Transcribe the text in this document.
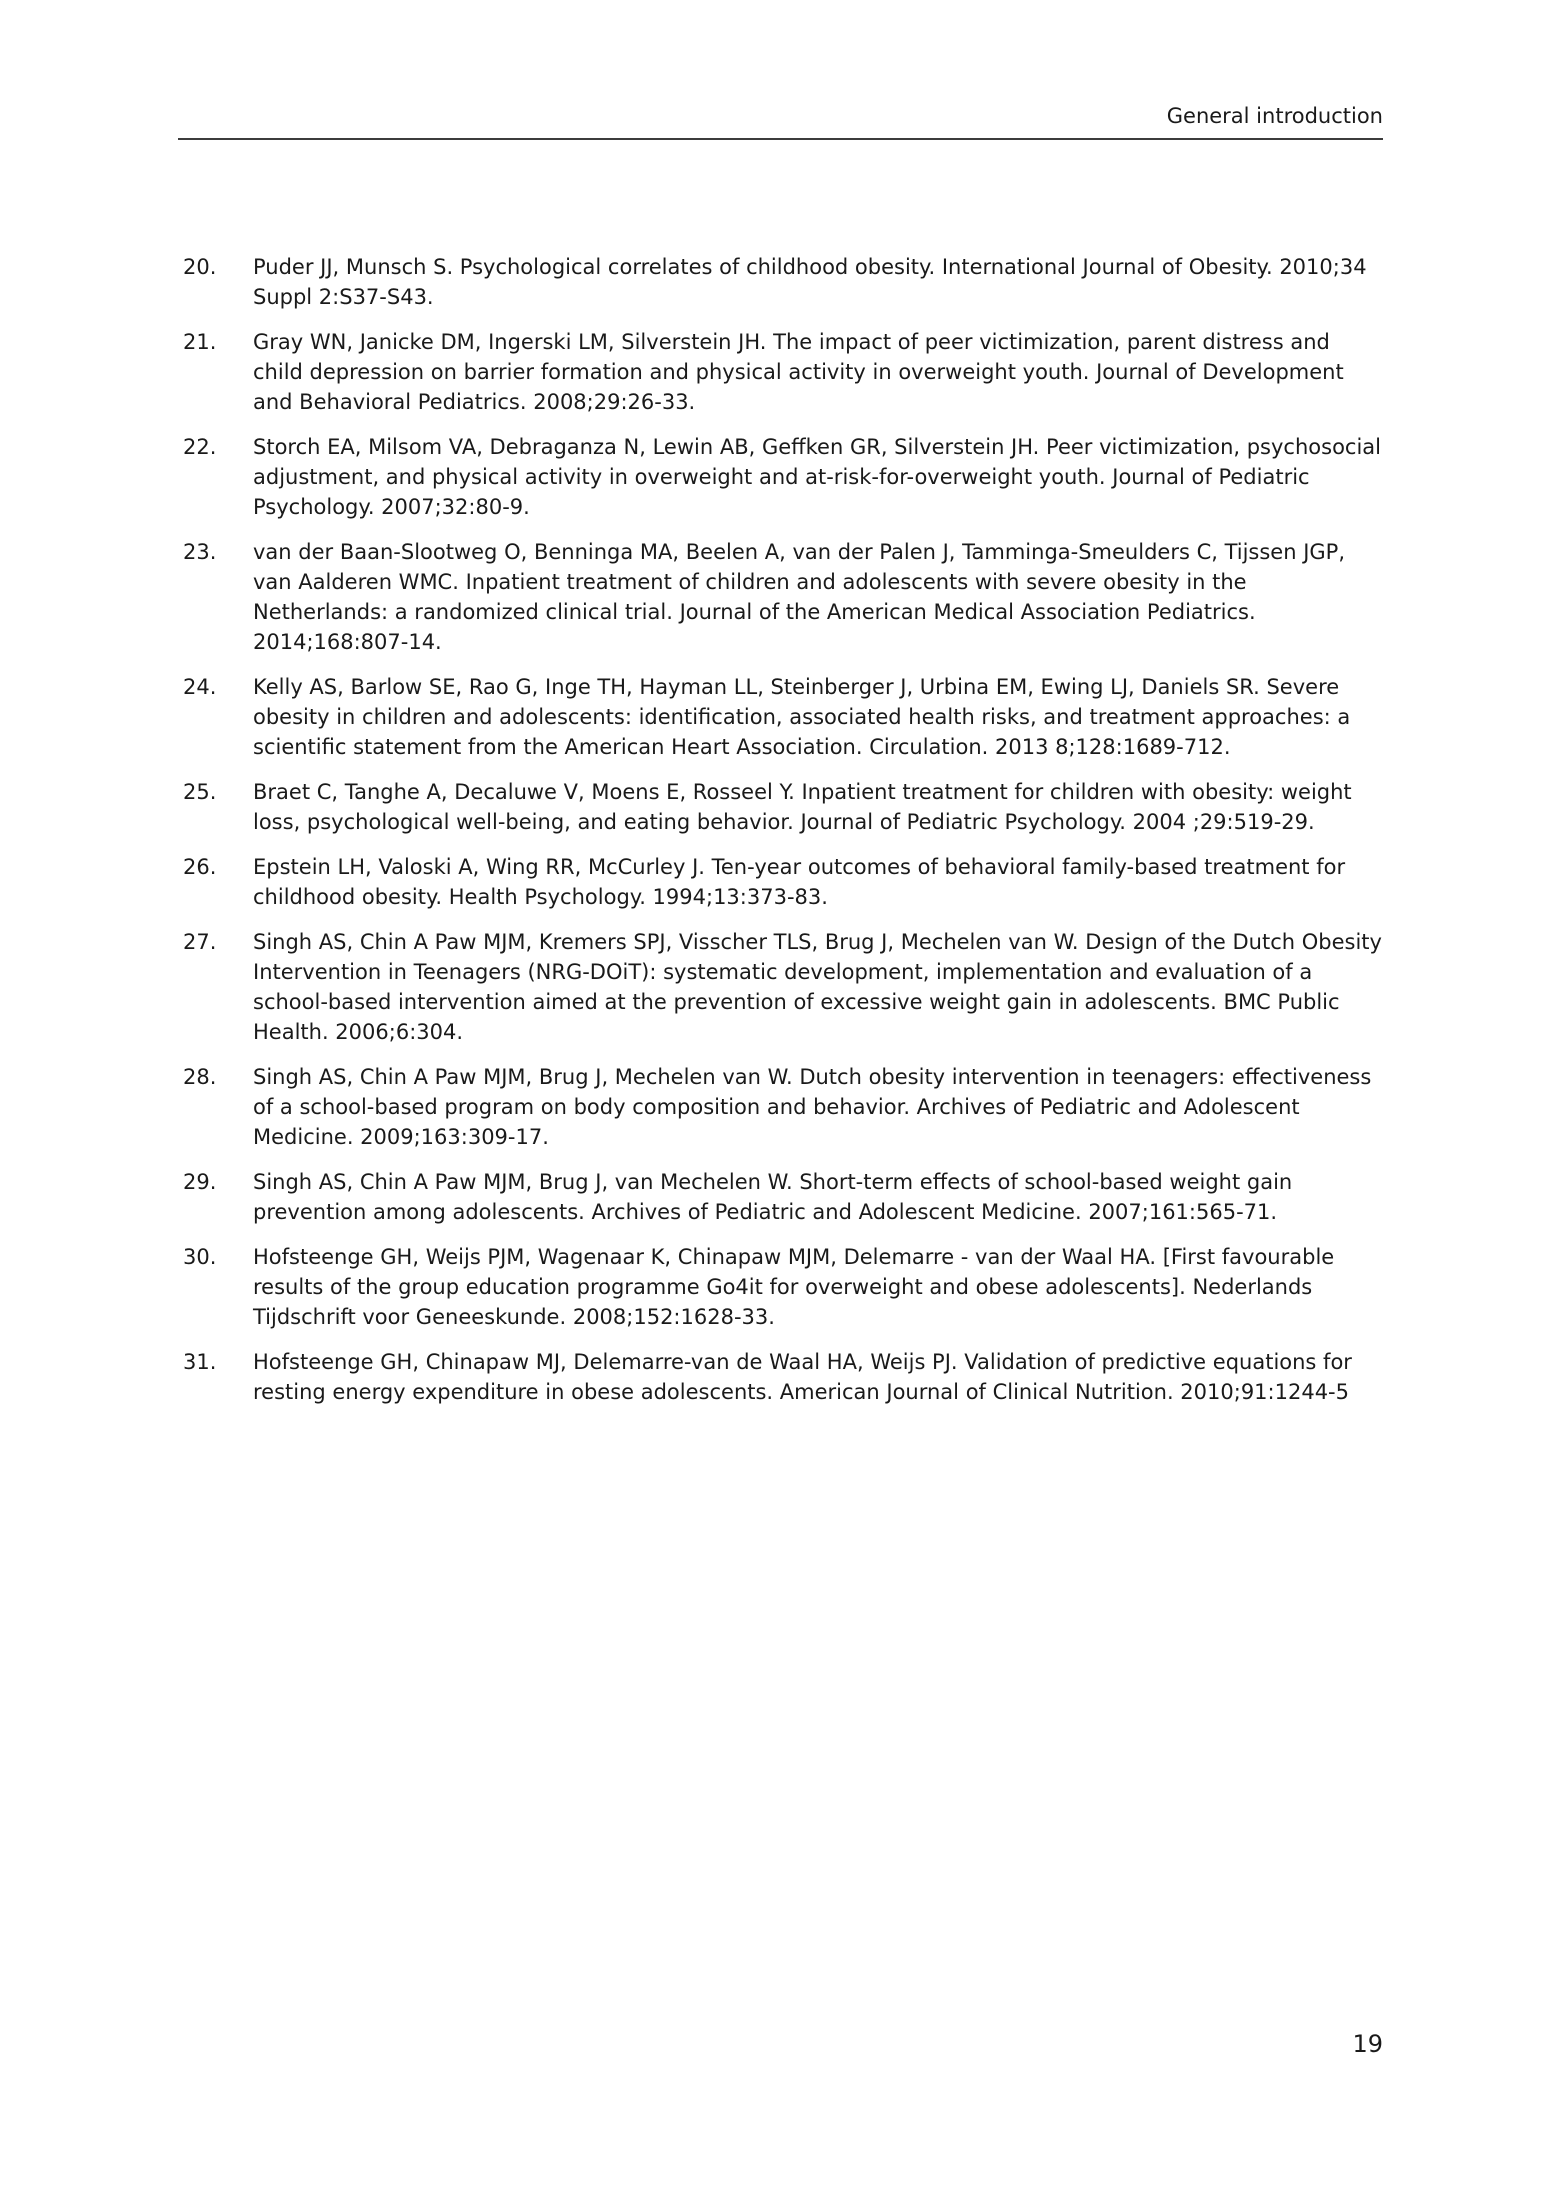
General introduction
20.	Puder JJ, Munsch S. Psychological correlates of childhood obesity. International Journal of Obesity. 2010;34 Suppl 2:S37-S43.
21.	Gray WN, Janicke DM, Ingerski LM, Silverstein JH. The impact of peer victimization, parent distress and child depression on barrier formation and physical activity in overweight youth. Journal of Development and Behavioral Pediatrics. 2008;29:26-33.
22.	Storch EA, Milsom VA, Debraganza N, Lewin AB, Geffken GR, Silverstein JH. Peer victimization, psychosocial adjustment, and physical activity in overweight and at-risk-for-overweight youth. Journal of Pediatric Psychology. 2007;32:80-9.
23.	van der Baan-Slootweg O, Benninga MA, Beelen A, van der Palen J, Tamminga-Smeulders C, Tijssen JGP, van Aalderen WMC. Inpatient treatment of children and adolescents with severe obesity in the Netherlands: a randomized clinical trial. Journal of the American Medical Association Pediatrics. 2014;168:807-14.
24.	Kelly AS, Barlow SE, Rao G, Inge TH, Hayman LL, Steinberger J, Urbina EM, Ewing LJ, Daniels SR. Severe obesity in children and adolescents: identification, associated health risks, and treatment approaches: a scientific statement from the American Heart Association. Circulation. 2013 8;128:1689-712.
25.	Braet C, Tanghe A, Decaluwe V, Moens E, Rosseel Y. Inpatient treatment for children with obesity: weight loss, psychological well-being, and eating behavior. Journal of Pediatric Psychology. 2004 ;29:519-29.
26.	Epstein LH, Valoski A, Wing RR, McCurley J. Ten-year outcomes of behavioral family-based treatment for childhood obesity. Health Psychology. 1994;13:373-83.
27.	Singh AS, Chin A Paw MJM, Kremers SPJ, Visscher TLS, Brug J, Mechelen van W. Design of the Dutch Obesity Intervention in Teenagers (NRG-DOiT): systematic development, implementation and evaluation of a school-based intervention aimed at the prevention of excessive weight gain in adolescents. BMC Public Health. 2006;6:304.
28.	Singh AS, Chin A Paw MJM, Brug J, Mechelen van W. Dutch obesity intervention in teenagers: effectiveness of a school-based program on body composition and behavior. Archives of Pediatric and Adolescent Medicine. 2009;163:309-17.
29.	Singh AS, Chin A Paw MJM, Brug J, van Mechelen W. Short-term effects of school-based weight gain prevention among adolescents. Archives of Pediatric and Adolescent Medicine. 2007;161:565-71.
30.	Hofsteenge GH, Weijs PJM, Wagenaar K, Chinapaw MJM, Delemarre - van der Waal HA. [First favourable results of the group education programme Go4it for overweight and obese adolescents]. Nederlands Tijdschrift voor Geneeskunde. 2008;152:1628-33.
31.	Hofsteenge GH, Chinapaw MJ, Delemarre-van de Waal HA, Weijs PJ. Validation of predictive equations for resting energy expenditure in obese adolescents. American Journal of Clinical Nutrition. 2010;91:1244-5
19
